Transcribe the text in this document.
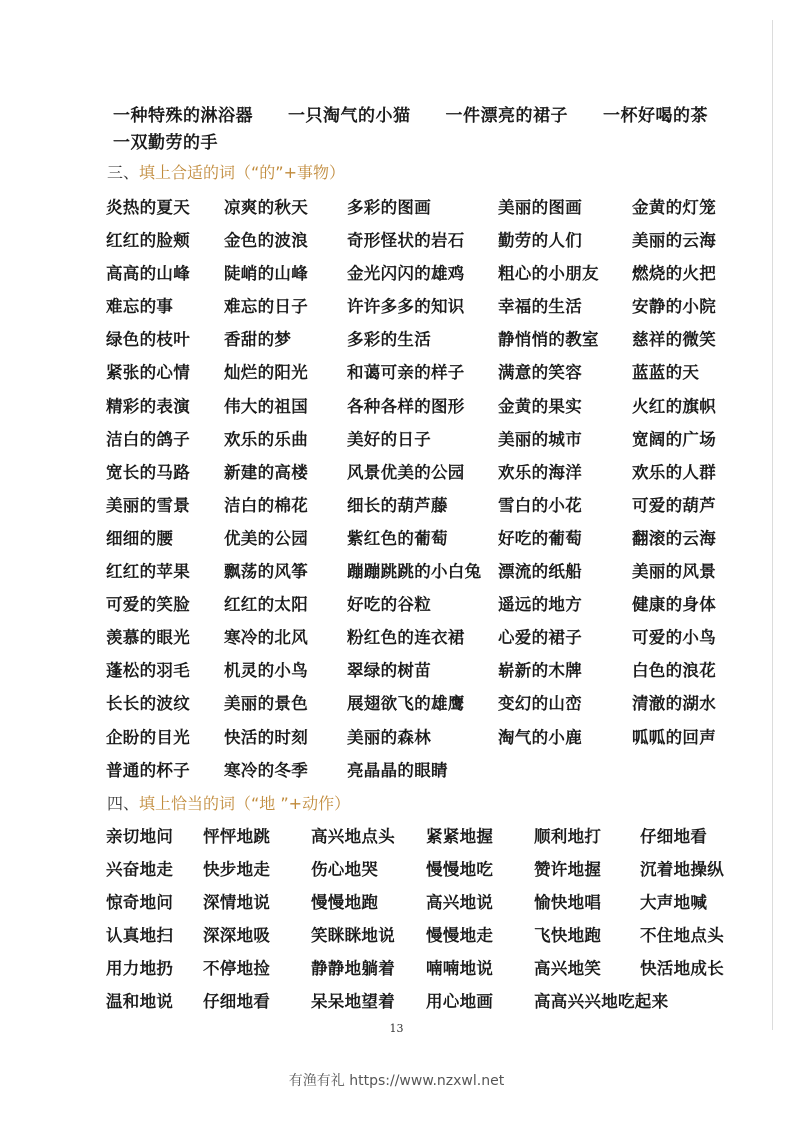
一种特殊的淋浴器　　一只淘气的小猫　　一件漂亮的裙子　　一杯好喝的茶
一双勤劳的手
三、填上合适的词（“的”+事物）
炎热的夏天 凉爽的秋天 多彩的图画	美丽的图画	金黄的灯笼
红红的脸颊 金色的波浪 奇形怪状的岩石 勤劳的人们	美丽的云海
高高的山峰 陡峭的山峰 金光闪闪的雄鸡 粗心的小朋友 燃烧的火把
难忘的事	难忘的日子 许许多多的知识 幸福的生活	安静的小院
绿色的枝叶 香甜的梦	多彩的生活	静悄悄的教室 慈祥的微笑
紧张的心情 灿烂的阳光 和蔼可亲的样子 满意的笑容	蓝蓝的天
精彩的表演 伟大的祖国 各种各样的图形 金黄的果实	火红的旗帜
洁白的鸽子 欢乐的乐曲 美好的日子	美丽的城市	宽阔的广场
宽长的马路 新建的高楼 风景优美的公园 欢乐的海洋	欢乐的人群
美丽的雪景 洁白的棉花 细长的葫芦藤	雪白的小花	可爱的葫芦
细细的腰	优美的公园 紫红色的葡萄	好吃的葡萄	翻滚的云海
红红的苹果 飘荡的风筝 蹦蹦跳跳的小白兔 漂流的纸船	美丽的风景
可爱的笑脸 红红的太阳 好吃的谷粒	遥远的地方	健康的身体
羡慕的眼光 寒冷的北风 粉红色的连衣裙 心爱的裙子	可爱的小鸟
蓬松的羽毛 机灵的小鸟 翠绿的树苗	崭新的木牌	白色的浪花
长长的波纹 美丽的景色 展翅欲飞的雄鹰 变幻的山峦	清澈的湖水
企盼的目光 快活的时刻 美丽的森林	淘气的小鹿	呱呱的回声
普通的杯子 寒冷的冬季 亮晶晶的眼睛
四、填上恰当的词（“地 ”+动作）
亲切地问 怦怦地跳 高兴地点头 紧紧地握 顺利地打 仔细地看
兴奋地走 快步地走 伤心地哭	慢慢地吃 赞许地握 沉着地操纵
惊奇地问 深情地说 慢慢地跑	高兴地说 愉快地唱 大声地喊
认真地扫 深深地吸 笑眯眯地说 慢慢地走 飞快地跑 不住地点头
用力地扔 不停地捡 静静地躺着 喃喃地说 高兴地笑 快活地成长
温和地说 仔细地看 呆呆地望着 用心地画 高高兴兴地吃起来
13
有渔有礼 https://www.nzxwl.net
